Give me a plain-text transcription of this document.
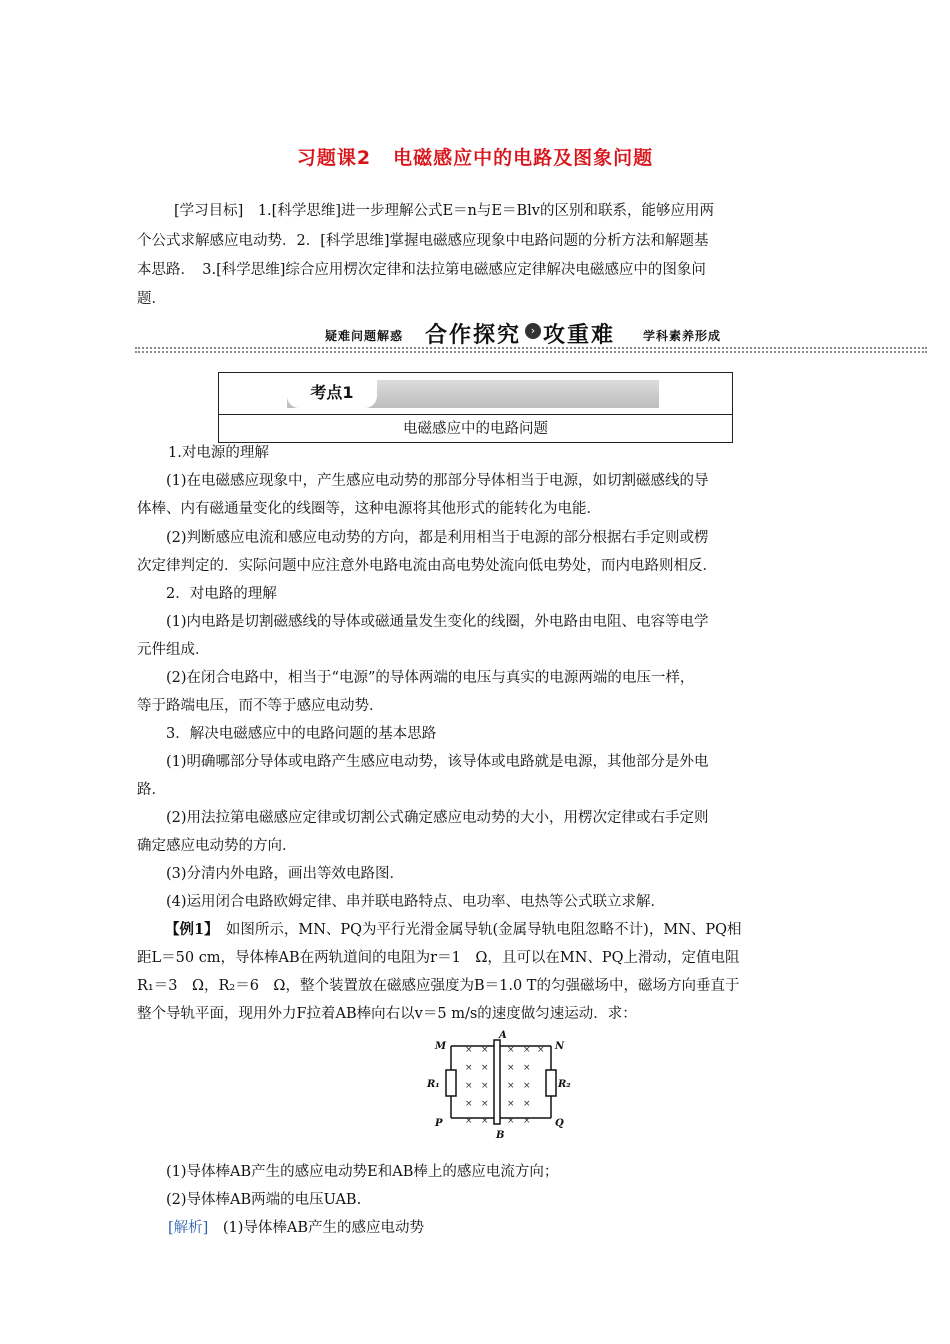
习题课2 电磁感应中的电路及图象问题

[学习目标]　 1.[科学思维]进一步理解公式E＝n与E＝Blv的区别和联系，能够应用两

个公式求解感应电动势．2．[科学思维]掌握电磁感应现象中电路问题的分析方法和解题基

本思路．　3.[科学思维]综合应用楞次定律和法拉第电磁感应定律解决电磁感应中的图象问

题．

疑难问题解惑 合作探究 › 攻重难 学科素养形成
考点1
电磁感应中的电路问题

1.对电源的理解

(1)在电磁感应现象中，产生感应电动势的那部分导体相当于电源，如切割磁感线的导

体棒、内有磁通量变化的线圈等，这种电源将其他形式的能转化为电能．

(2)判断感应电流和感应电动势的方向，都是利用相当于电源的部分根据右手定则或楞

次定律判定的．实际问题中应注意外电路电流由高电势处流向低电势处，而内电路则相反．

2．对电路的理解

(1)内电路是切割磁感线的导体或磁通量发生变化的线圈，外电路由电阻、电容等电学

元件组成．

(2)在闭合电路中，相当于“电源”的导体两端的电压与真实的电源两端的电压一样，

等于路端电压，而不等于感应电动势．

3．解决电磁感应中的电路问题的基本思路

(1)明确哪部分导体或电路产生感应电动势，该导体或电路就是电源，其他部分是外电

路．

(2)用法拉第电磁感应定律或切割公式确定感应电动势的大小，用楞次定律或右手定则

确定感应电动势的方向．

(3)分清内外电路，画出等效电路图．

(4)运用闭合电路欧姆定律、串并联电路特点、电功率、电热等公式联立求解．

【例1】　 如图所示，MN、PQ为平行光滑金属导轨(金属导轨电阻忽略不计)，MN、PQ相

距L＝50 cm，导体棒AB在两轨道间的电阻为r＝1　Ω，且可以在MN、PQ上滑动，定值电阻

R₁＝3　Ω，R₂＝6　Ω，整个装置放在磁感应强度为B＝1.0 T的匀强磁场中，磁场方向垂直于

整个导轨平面，现用外力F拉着AB棒向右以v＝5 m/s的速度做匀速运动．求：

× × × × ×
× × × ×
× × × ×
× × × ×
× × × ×
M	N
P	Q
A
B
R₁	R₂

(1)导体棒AB产生的感应电动势E和AB棒上的感应电流方向；

(2)导体棒AB两端的电压UAB.

[解析]　 (1)导体棒AB产生的感应电动势
